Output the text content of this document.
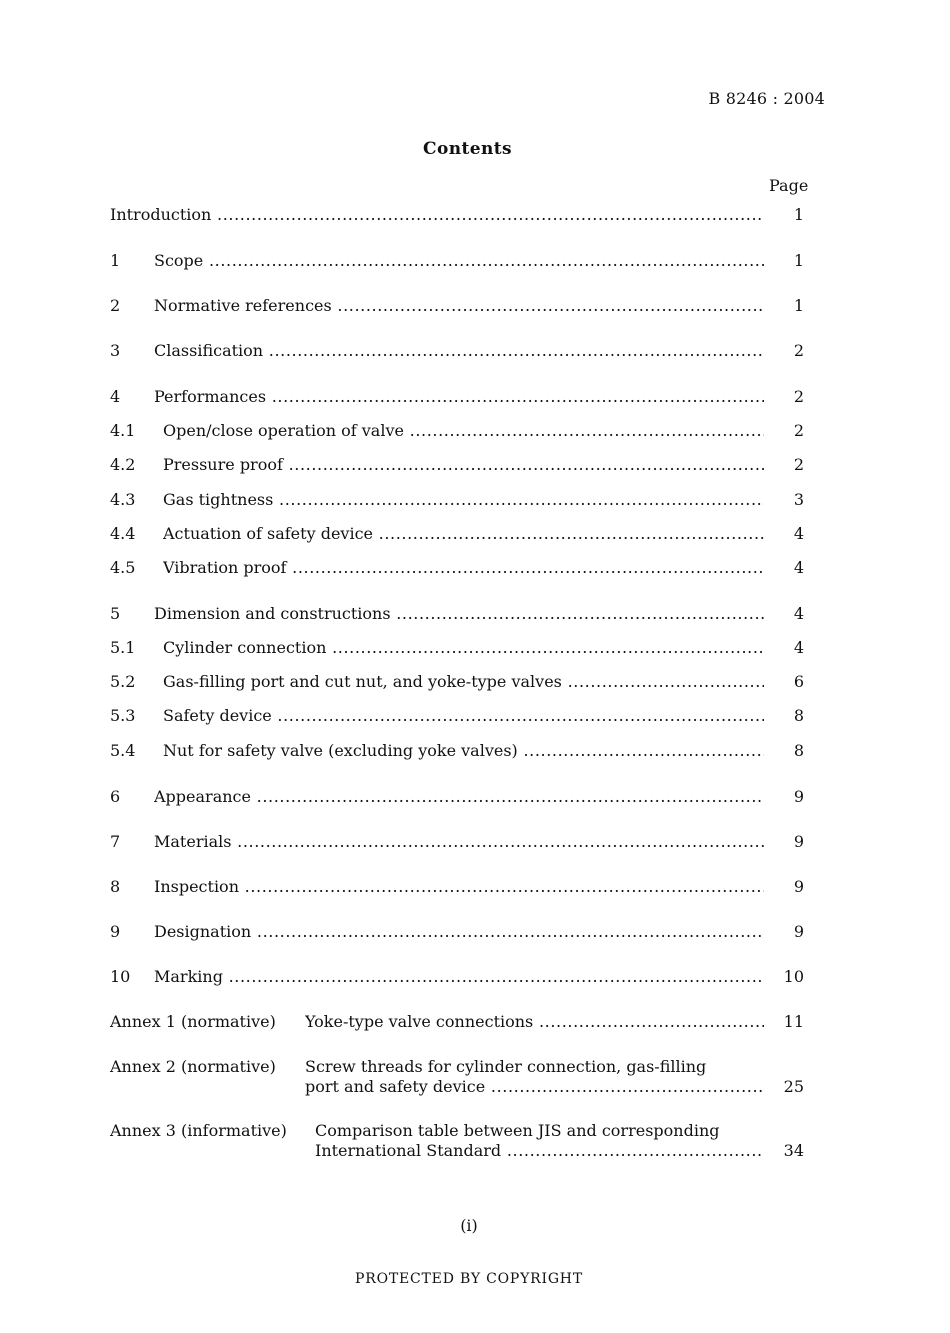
B 8246 : 2004
Contents
Page
Introduction .....	1
1 Scope .....	1
2 Normative references .....	1
3 Classification .....	2
4 Performances .....	2
4.1 Open/close operation of valve .....	2
4.2 Pressure proof .....	2
4.3 Gas tightness .....	3
4.4 Actuation of safety device .....	4
4.5 Vibration proof .....	4
5 Dimension and constructions .....	4
5.1 Cylinder connection .....	4
5.2 Gas-filling port and cut nut, and yoke-type valves .....	6
5.3 Safety device .....	8
5.4 Nut for safety valve (excluding yoke valves) .....	8
6 Appearance .....	9
7 Materials .....	9
8 Inspection .....	9
9 Designation .....	9
10 Marking .....	10
Annex 1 (normative) Yoke-type valve connections .....	11
Annex 2 (normative) Screw threads for cylinder connection, gas-filling
port and safety device .....	25
Annex 3 (informative) Comparison table between JIS and corresponding
International Standard .....	34
(i)
PROTECTED BY COPYRIGHT
